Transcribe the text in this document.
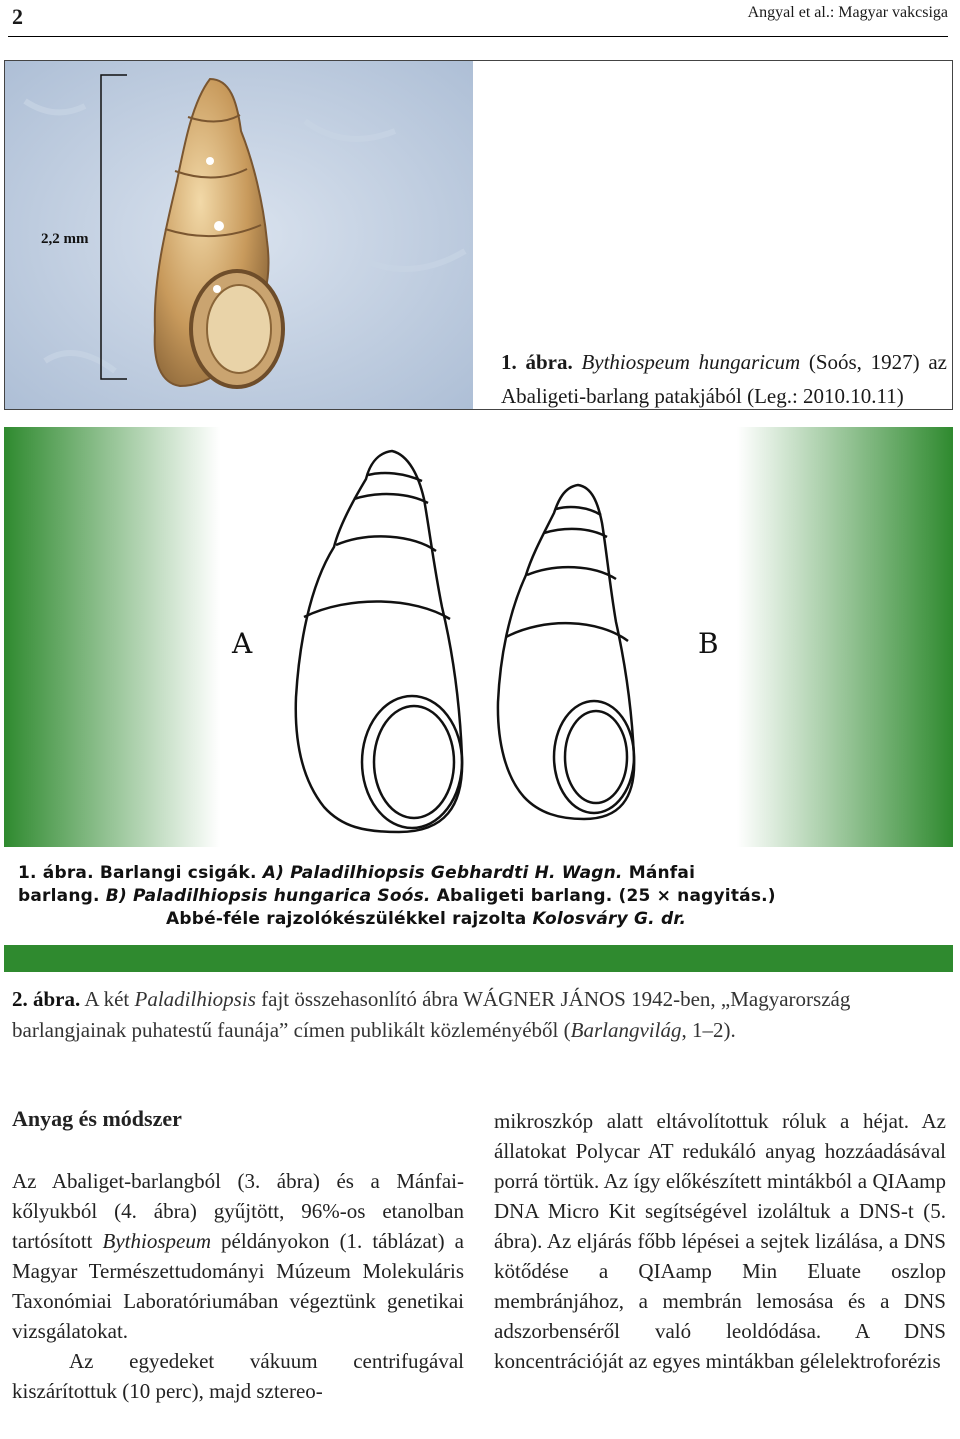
2	Angyal et al.: Magyar vakcsiga
2,2 mm
1. ábra. Bythiospeum hungaricum (Soós, 1927) az Abaligeti-barlang patakjából (Leg.: 2010.10.11)
A	B
1. ábra. Barlangi csigák. A) Paladilhiopsis Gebhardti H. Wagn. Mánfai
barlang. B) Paladilhiopsis hungarica Soós. Abaligeti barlang. (25 × nagyitás.)
Abbé-féle rajzolókészülékkel rajzolta Kolosváry G. dr.
2. ábra. A két Paladilhiopsis fajt összehasonlító ábra WÁGNER JÁNOS 1942-ben, „Magyarország barlangjainak puhatestű faunája” címen publikált közleményéből (Barlangvilág, 1–2).
Anyag és módszer

Az Abaliget-barlangból (3. ábra) és a Mánfai-kőlyukból (4. ábra) gyűjtött, 96%-os etanolban tartósított Bythiospeum példányokon (1. táblázat) a Magyar Természettudományi Múzeum Molekuláris Taxonómiai Laboratóriumában végeztünk genetikai vizsgálatokat.

Az egyedeket vákuum centrifugával kiszárítottuk (10 perc), majd sztereo-

mikroszkóp alatt eltávolítottuk róluk a héjat. Az állatokat Polycar AT redukáló anyag hozzáadásával porrá törtük. Az így előkészített mintákból a QIAamp DNA Micro Kit segítségével izoláltuk a DNS-t (5. ábra). Az eljárás főbb lépései a sejtek lizálása, a DNS kötődése a QIAamp Min Eluate oszlop membránjához, a membrán lemosása és a DNS adszorbenséről való leoldódása. A DNS koncentrációját az egyes mintákban gélelektroforézis
